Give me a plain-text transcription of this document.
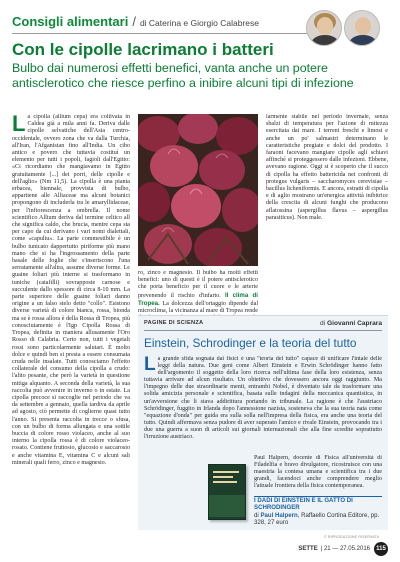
Consigli alimentari / di Caterina e Giorgio Calabrese
Con le cipolle lacrimano i batteri
Bulbo dai numerosi effetti benefici, vanta anche un potere antisclerotico che riesce perfino a inibire alcuni tipi di infezione
La cipolla (allium cepa) era coltivata in Caldea già a mila anni fa. Deriva dalle cipolle selvatiche dell'Asia centro-occidentale, ovvero zona che va dalla Turchia, all'Iran, l'Afganistan fino all'India. Un cibo antico e povero che tuttavia costituì un elemento per tutti i popoli, fagioli dall'Egitto: «Ci ricordiamo che mangiavamo in Egitto gratuitamente [...] dei porri, delle cipolle e dell'aglio» (Nm 11,5). La cipolla è una pianta erbacea, biennale, provvista di bulbo, appartiene alle Alliaceae ma alcuni botanici propongono di includerla tra le amaryllidaceae, per l'infiorescenza a ombrella. Il nome scientifico Allium deriva dal termine celtico all che significa caldo, che brucia, mentre cepa sta per capo da cui derivano i vari nomi dialettali, come «capuliu». La parte commestibile è un bulbo tunicato dappertutto piriforme più mano mano che si ha l'ingrossamento della parte basale delle foglie che s'inseriscono l'una serratamente all'altra, assume diverse forme. Le guaine foliari più interne si trasformano in tuniche (catafilli) sovrapposte carnose e succulente dallo spessore di circa 8-10 mm. La parte superiore delle guaine foliari danno origine a un falso stelo detto "collo". Esistono diverse varietà di colore bianca, rossa, bionda ma se è rossa allora è della Rossa di Tropea, più conosciutamente è l'Igp Cipolla Rossa di Tropea, definita in maniera allusamente l'Oro Rosso di Calabria. Certo non, tutti i vegetali rossi sono particolarmente salutari. È molto dolce e quindi ben si presta a essere consumata cruda nelle insalate. Tutti conosciamo l'effetto collaterale del consumo della cipolla a crudo: l'alito pesante, che però la varietà in questione mitiga alquanto. A seconda della varietà, la sua raccolta può avvenire in inverno o in estate. La cipolla precoce si raccoglie nel periodo che va da settembre a gennaio, quella tardiva da aprile ad agosto, ciò permette di coglierne quasi tutto l'anno. Si presenta raccolta in trecce o sfusa, con un bulbo di forma allungata e una sottile buccia di colore rosso violaceo, anche al suo interno la cipolla rossa è di colore violaceo-rosato. Contiene fruttosio, glucosio e saccarosio e anche vitamina E, vitamina C e alcuni sali minerali quali ferro, zinco e magnesio.
ro, zinco e magnesio. Il bulbo ha molti effetti benefici: uno di questi è il potere antisclerotico che porta beneficio per il cuore e le arterie prevenendo il rischio d'infarto. Il clima di Tropea. La dolcezza dell'ortaggio dipende dal microclima, la vicinanza al mare di Tropea rende
larmente stabile nel periodo invernale, senza sbalzi di temperatura per l'azione di mitezza esercitata dai mare. I terreni freschi e limosi e anche un po' salmastri determinano le caratteristiche pregiate e dolci del prodotto. I faraoni facevano mangiare cipolle agli schiavi affinché si proteggessero dalle infezioni. Ebbene, avevano ragione. Oggi si è scoperto che il succo di cipolla ha effetto battericida nei confronti di protegus vulgaris – saccharomyces cerevisiae – bacillus licheniformis. E ancora, estratti di cipolla e di aglio mostrano un'energica attività inibitrice della crescita di alcuni funghi che producono aflatossina (aspergillus flavus – aspergillus parasiticus). Non male.
PAGINE DI SCIENZA	di Giovanni Caprara
Einstein, Schrodinger e la teoria del tutto
La grande sfida sognata dai fisici è una "teoria del tutto" capace di unificare l'intale delle leggi della natura. Due geni come Albert Einstein e Erwin Schrödinger hanno fatto dell'argomento il soggetto della loro ricerca nell'ultima fase della loro esistenza, senza tuttavia arrivare ad alcun risultato. Un obiettivo che dovessero ancora oggi raggiunto. Ma l'impegno delle due straordinarie menti, entrambi Nobel, è diventato tale da trasformare una solida amicizia personale e scientifica, basata sulle indagini della meccanica quantistica, in un'avversione che li stava addirittura portando in tribunale. La ragione è che l'austriaco Schrödinger, fuggito in Irlanda dopo l'annessione nazista, sosteneva che la sua teoria nata come "equazione d'onda" per guida era sulla solla nell'impresa della fisica, era anche una teoria del tutto. Quindi affermava senza pudore di aver superato l'amico e rivale Einstein, provocando tra i due una guerra a suon di articoli sui giornali internazionali che alla fine scredite soprattutto l'irruzione austriaco.
Paul Halpern, docente di Fisica all'università di Filadelfia e bravo divulgatore, ricostruisce con una maestria la contesa umana e scientifica tra i due grandi, facendoci anche comprendere meglio l'attuale frontiera della fisica contemporanea.
I DADI DI EINSTEIN E IL GATTO DI SCHRODINGER
di Paul Halpern, Raffaello Cortina Editore, pp. 328, 27 euro
© RIPRODUZIONE RISERVATA
SETTE |
21 — 27.05.2016	115
